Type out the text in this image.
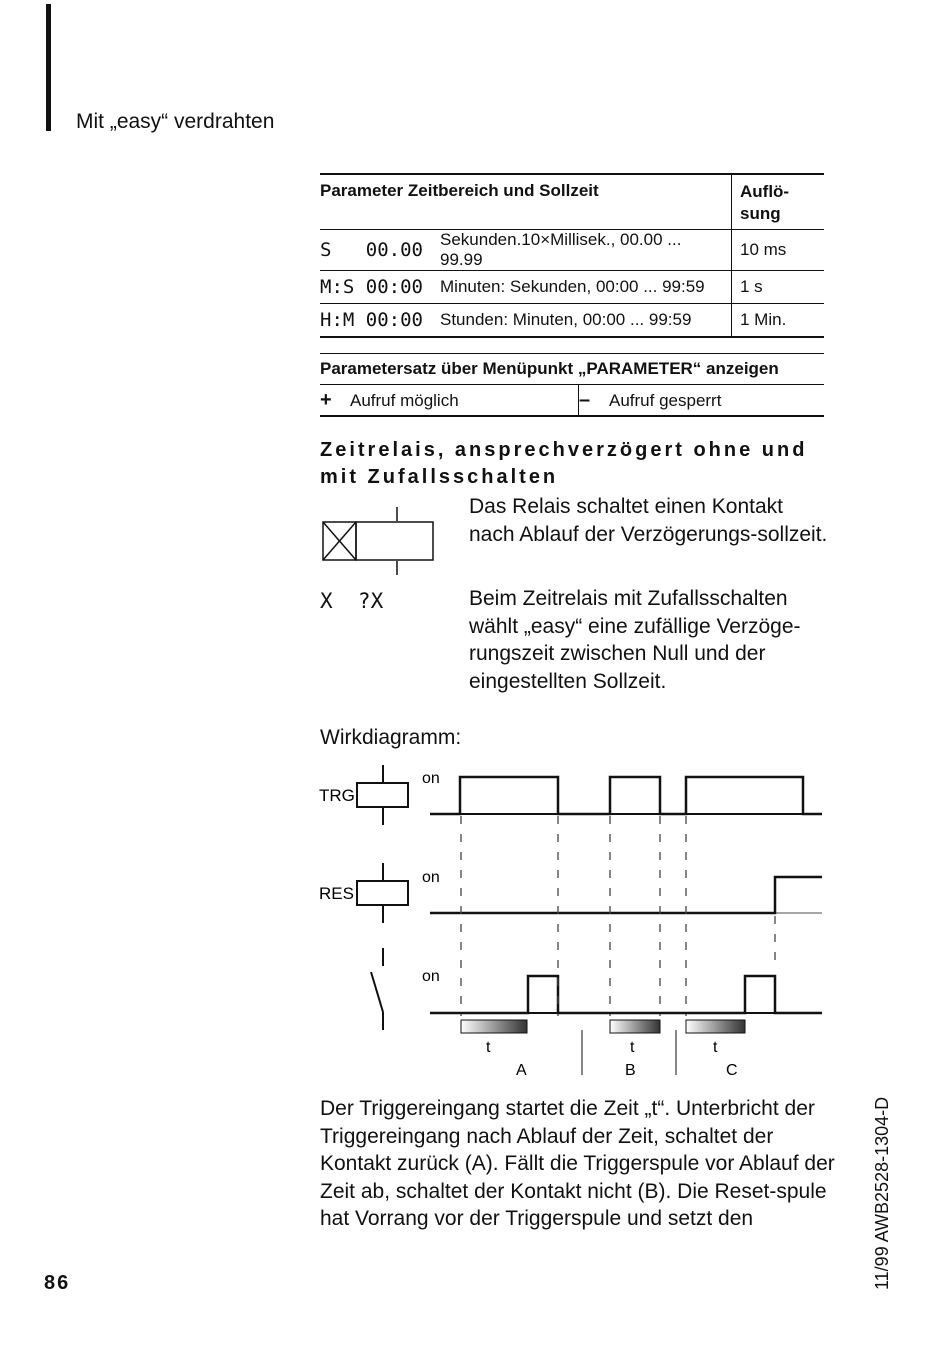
Mit „easy“ verdrahten
Parameter Zeitbereich und Sollzeit		Auflö-
sung
S   00.00	Sekunden.10×Millisek., 00.00 ... 99.99	10 ms
M:S 00:00	Minuten: Sekunden, 00:00 ... 99:59	1 s
H:M 00:00	Stunden: Minuten, 00:00 ... 99:59	1 Min.
Parametersatz über Menüpunkt „PARAMETER“ anzeigen
+ Aufruf möglich	– Aufruf gesperrt
Zeitrelais, ansprechverzögert ohne und mit Zufallsschalten
Das Relais schaltet einen Kontakt nach Ablauf der Verzögerungs-sollzeit.
X  ?X	Beim Zeitrelais mit Zufallsschalten wählt „easy“ eine zufällige Verzöge-rungszeit zwischen Null und der eingestellten Sollzeit.
Wirkdiagramm:
TRG
RES
on
on
on
t	t	t
A	B	C
Der Triggereingang startet die Zeit „t“. Unterbricht der Triggereingang nach Ablauf der Zeit, schaltet der Kontakt zurück (A). Fällt die Triggerspule vor Ablauf der Zeit ab, schaltet der Kontakt nicht (B). Die Reset-spule hat Vorrang vor der Triggerspule und setzt den
86	11/99 AWB2528-1304-D
